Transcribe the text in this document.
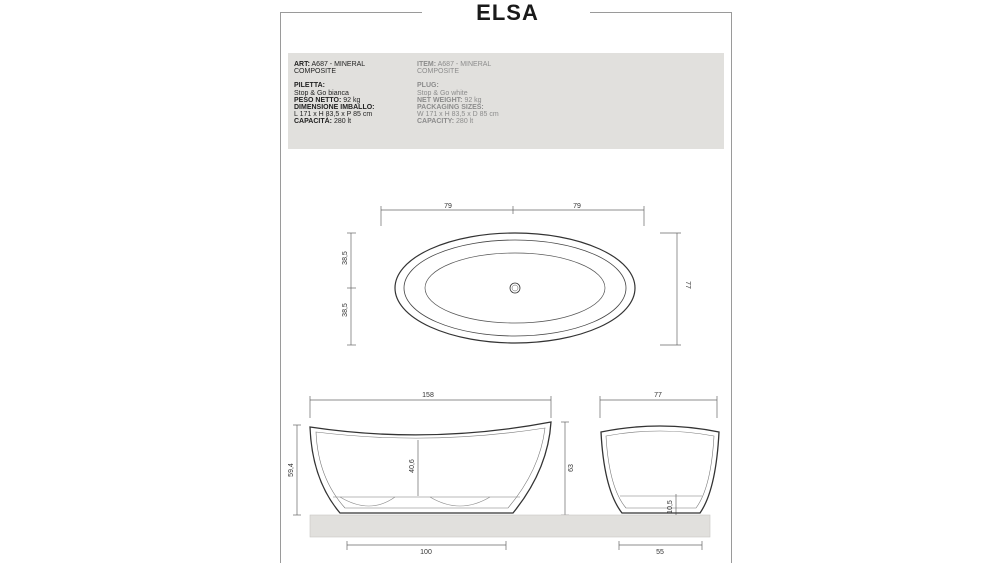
ELSA
ART: A687 - MINERAL
COMPOSITE
PILETTA:
Stop & Go bianca
PESO NETTO: 92 kg
DIMENSIONE IMBALLO:
L 171 x H 83,5 x P 85 cm
CAPACITÀ: 280 lt
ITEM: A687 - MINERAL
COMPOSITE
PLUG:
Stop & Go white
NET WEIGHT: 92 kg
PACKAGING SIZES:
W 171 x H 83,5 x D 85 cm
CAPACITY: 280 lt
79	79
38,5
38,5
77
158
59,4	40,6	63
100
77
10,5
55
